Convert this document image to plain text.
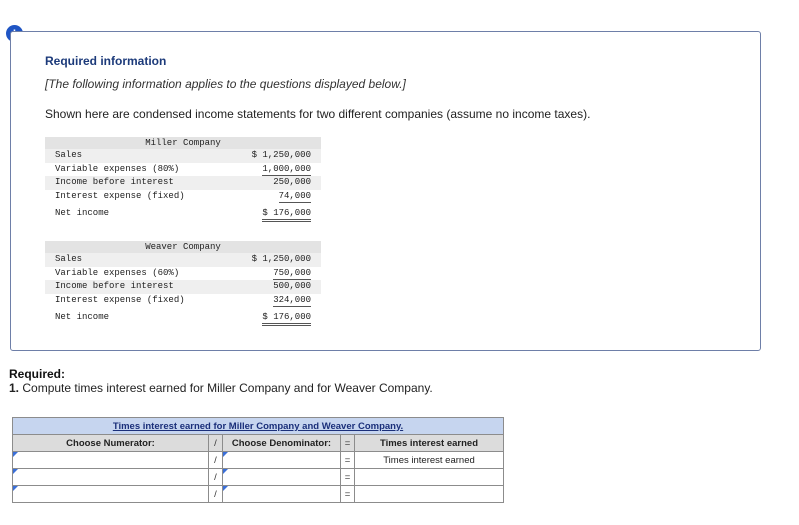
Required information
[The following information applies to the questions displayed below.]
Shown here are condensed income statements for two different companies (assume no income taxes).
Miller Company
Sales	$ 1,250,000
Variable expenses (80%)	1,000,000
Income before interest	250,000
Interest expense (fixed)	74,000
Net income	$ 176,000
Weaver Company
Sales	$ 1,250,000
Variable expenses (60%)	750,000
Income before interest	500,000
Interest expense (fixed)	324,000
Net income	$ 176,000
Required:
1. Compute times interest earned for Miller Company and for Weaver Company.
Times interest earned for Miller Company and Weaver Company.				
Choose Numerator:	/	Choose Denominator:	=	Times interest earned

	/		=	Times interest earned

	/		=	

	/		=	
